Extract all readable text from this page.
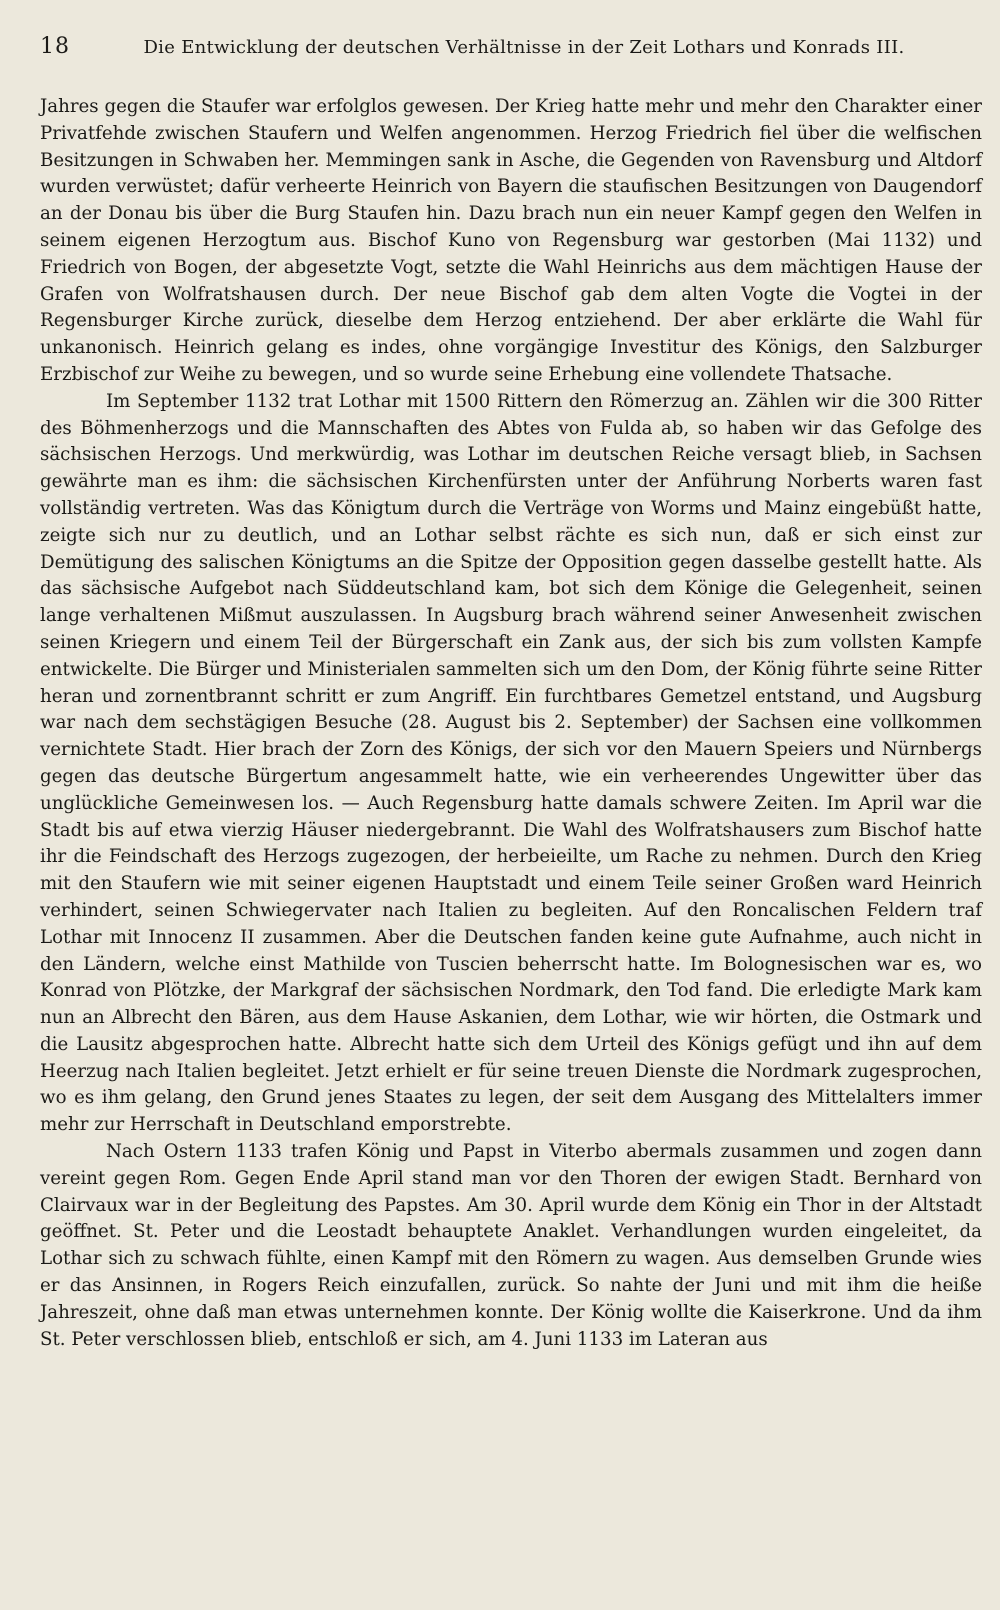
18	Die Entwicklung der deutschen Verhältnisse in der Zeit Lothars und Konrads III.

Jahres gegen die Staufer war erfolglos gewesen. Der Krieg hatte mehr und mehr den Charakter einer Privatfehde zwischen Staufern und Welfen angenommen. Herzog Friedrich fiel über die welfischen Besitzungen in Schwaben her. Memmingen sank in Asche, die Gegenden von Ravensburg und Altdorf wurden verwüstet; dafür verheerte Heinrich von Bayern die staufischen Besitzungen von Daugendorf an der Donau bis über die Burg Staufen hin. Dazu brach nun ein neuer Kampf gegen den Welfen in seinem eigenen Herzogtum aus. Bischof Kuno von Regensburg war gestorben (Mai 1132) und Friedrich von Bogen, der abgesetzte Vogt, setzte die Wahl Heinrichs aus dem mächtigen Hause der Grafen von Wolfratshausen durch. Der neue Bischof gab dem alten Vogte die Vogtei in der Regensburger Kirche zurück, dieselbe dem Herzog entziehend. Der aber erklärte die Wahl für unkanonisch. Heinrich gelang es indes, ohne vorgängige Investitur des Königs, den Salzburger Erzbischof zur Weihe zu bewegen, und so wurde seine Erhebung eine vollendete Thatsache.

Im September 1132 trat Lothar mit 1500 Rittern den Römerzug an. Zählen wir die 300 Ritter des Böhmenherzogs und die Mannschaften des Abtes von Fulda ab, so haben wir das Gefolge des sächsischen Herzogs. Und merkwürdig, was Lothar im deutschen Reiche versagt blieb, in Sachsen gewährte man es ihm: die sächsischen Kirchenfürsten unter der Anführung Norberts waren fast vollständig vertreten. Was das Königtum durch die Verträge von Worms und Mainz eingebüßt hatte, zeigte sich nur zu deutlich, und an Lothar selbst rächte es sich nun, daß er sich einst zur Demütigung des salischen Königtums an die Spitze der Opposition gegen dasselbe gestellt hatte. Als das sächsische Aufgebot nach Süddeutschland kam, bot sich dem Könige die Gelegenheit, seinen lange verhaltenen Mißmut auszulassen. In Augsburg brach während seiner Anwesenheit zwischen seinen Kriegern und einem Teil der Bürgerschaft ein Zank aus, der sich bis zum vollsten Kampfe entwickelte. Die Bürger und Ministerialen sammelten sich um den Dom, der König führte seine Ritter heran und zornentbrannt schritt er zum Angriff. Ein furchtbares Gemetzel entstand, und Augsburg war nach dem sechstägigen Besuche (28. August bis 2. September) der Sachsen eine vollkommen vernichtete Stadt. Hier brach der Zorn des Königs, der sich vor den Mauern Speiers und Nürnbergs gegen das deutsche Bürgertum angesammelt hatte, wie ein verheerendes Ungewitter über das unglückliche Gemeinwesen los. — Auch Regensburg hatte damals schwere Zeiten. Im April war die Stadt bis auf etwa vierzig Häuser niedergebrannt. Die Wahl des Wolfratshausers zum Bischof hatte ihr die Feindschaft des Herzogs zugezogen, der herbeieilte, um Rache zu nehmen. Durch den Krieg mit den Staufern wie mit seiner eigenen Hauptstadt und einem Teile seiner Großen ward Heinrich verhindert, seinen Schwiegervater nach Italien zu begleiten. Auf den Roncalischen Feldern traf Lothar mit Innocenz II zusammen. Aber die Deutschen fanden keine gute Aufnahme, auch nicht in den Ländern, welche einst Mathilde von Tuscien beherrscht hatte. Im Bolognesischen war es, wo Konrad von Plötzke, der Markgraf der sächsischen Nordmark, den Tod fand. Die erledigte Mark kam nun an Albrecht den Bären, aus dem Hause Askanien, dem Lothar, wie wir hörten, die Ostmark und die Lausitz abgesprochen hatte. Albrecht hatte sich dem Urteil des Königs gefügt und ihn auf dem Heerzug nach Italien begleitet. Jetzt erhielt er für seine treuen Dienste die Nordmark zugesprochen, wo es ihm gelang, den Grund jenes Staates zu legen, der seit dem Ausgang des Mittelalters immer mehr zur Herrschaft in Deutschland emporstrebte.

Nach Ostern 1133 trafen König und Papst in Viterbo abermals zusammen und zogen dann vereint gegen Rom. Gegen Ende April stand man vor den Thoren der ewigen Stadt. Bernhard von Clairvaux war in der Begleitung des Papstes. Am 30. April wurde dem König ein Thor in der Altstadt geöffnet. St. Peter und die Leostadt behauptete Anaklet. Verhandlungen wurden eingeleitet, da Lothar sich zu schwach fühlte, einen Kampf mit den Römern zu wagen. Aus demselben Grunde wies er das Ansinnen, in Rogers Reich einzufallen, zurück. So nahte der Juni und mit ihm die heiße Jahreszeit, ohne daß man etwas unternehmen konnte. Der König wollte die Kaiserkrone. Und da ihm St. Peter verschlossen blieb, entschloß er sich, am 4. Juni 1133 im Lateran aus
